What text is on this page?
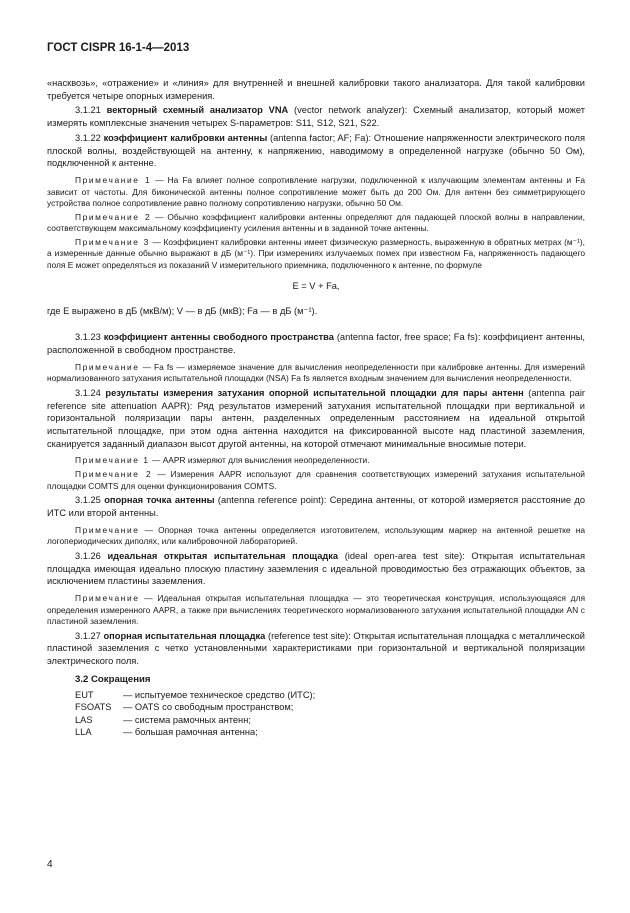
ГОСТ CISPR 16-1-4—2013

«насквозь», «отражение» и «линия» для внутренней и внешней калибровки такого анализатора. Для такой калибровки требуется четыре опорных измерения.

3.1.21 векторный схемный анализатор VNA (vector network analyzer): Схемный анализатор, который может измерять комплексные значения четырех S-параметров: S11, S12, S21, S22.

3.1.22 коэффициент калибровки антенны (antenna factor; AF; Fa): Отношение напряженности электрического поля плоской волны, воздействующей на антенну, к напряжению, наводимому в определенной нагрузке (обычно 50 Ом), подключенной к антенне.

Примечание 1 — На Fa влияет полное сопротивление нагрузки, подключенной к излучающим элементам антенны и Fa зависит от частоты. Для биконической антенны полное сопротивление может быть до 200 Ом. Для антенн без симметрирующего устройства полное сопротивление равно полному сопротивлению нагрузки, обычно 50 Ом.

Примечание 2 — Обычно коэффициент калибровки антенны определяют для падающей плоской волны в направлении, соответствующем максимальному коэффициенту усиления антенны и в заданной точке антенны.

Примечание 3 — Коэффициент калибровки антенны имеет физическую размерность, выраженную в обратных метрах (м⁻¹), а измеренные данные обычно выражают в дБ (м⁻¹). При измерениях излучаемых помех при известном Fa, напряженность падающего поля E может определяться из показаний V измерительного приемника, подключенного к антенне, по формуле

E = V + Fa,
где E выражено в дБ (мкВ/м); V — в дБ (мкВ); Fa — в дБ (м⁻¹).

3.1.23 коэффициент антенны свободного пространства (antenna factor, free space; Fa fs): коэффициент антенны, расположенной в свободном пространстве.

Примечание — Fa fs — измеряемое значение для вычисления неопределенности при калибровке антенны. Для измерений нормализованного затухания испытательной площадки (NSA) Fa fs является входным значением для вычисления неопределенности.

3.1.24 результаты измерения затухания опорной испытательной площадки для пары антенн (antenna pair reference site attenuation AAPR): Ряд результатов измерений затухания испытательной площадки при вертикальной и горизонтальной поляризации пары антенн, разделенных определенным расстоянием на идеальной открытой испытательной площадке, при этом одна антенна находится на фиксированной высоте над пластиной заземления, сканируется заданный диапазон высот другой антенны, на которой отмечают минимальные вносимые потери.

Примечание 1 — AAPR измеряют для вычисления неопределенности.

Примечание 2 — Измерения AAPR используют для сравнения соответствующих измерений затухания испытательной площадки COMTS для оценки функционирования COMTS.

3.1.25 опорная точка антенны (antenna reference point): Середина антенны, от которой измеряется расстояние до ИТС или второй антенны.

Примечание — Опорная точка антенны определяется изготовителем, использующим маркер на антенной решетке на логопериодических диполях, или калибровочной лабораторией.

3.1.26 идеальная открытая испытательная площадка (ideal open-area test site): Открытая испытательная площадка имеющая идеально плоскую пластину заземления с идеальной проводимостью без отражающих объектов, за исключением пластины заземления.

Примечание — Идеальная открытая испытательная площадка — это теоретическая конструкция, использующаяся для определения измеренного AAPR, а также при вычислениях теоретического нормализованного затухания испытательной площадки AN с пластиной заземления.

3.1.27 опорная испытательная площадка (reference test site): Открытая испытательная площадка с металлической пластиной заземления с четко установленными характеристиками при горизонтальной и вертикальной поляризации электрического поля.

3.2 Сокращения
EUT	— испытуемое техническое средство (ИТС);
FSOATS	— OATS со свободным пространством;
LAS	— система рамочных антенн;
LLA	— большая рамочная антенна;
4
